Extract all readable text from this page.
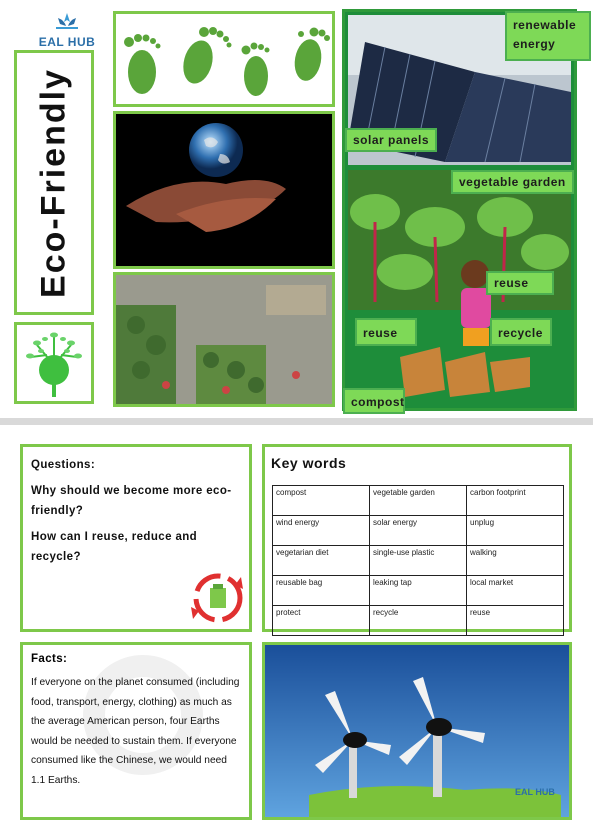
EAL HUB
Eco-Friendly
renewable energy
solar panels
vegetable garden
reuse
reuse	recycle
compost

Questions:

Why should we become more eco-friendly?

How can I reuse, reduce and recycle?

Key words
compost	vegetable garden	carbon footprint
wind energy	solar energy	unplug
vegetarian diet	single-use plastic	walking
reusable bag	leaking tap	local market
protect	recycle	reuse
Facts:
If everyone on the planet consumed (including food, transport, energy, clothing) as much as the average American person, four Earths would be needed to sustain them. If everyone consumed like the Chinese, we would need 1.1 Earths.
EAL HUB
